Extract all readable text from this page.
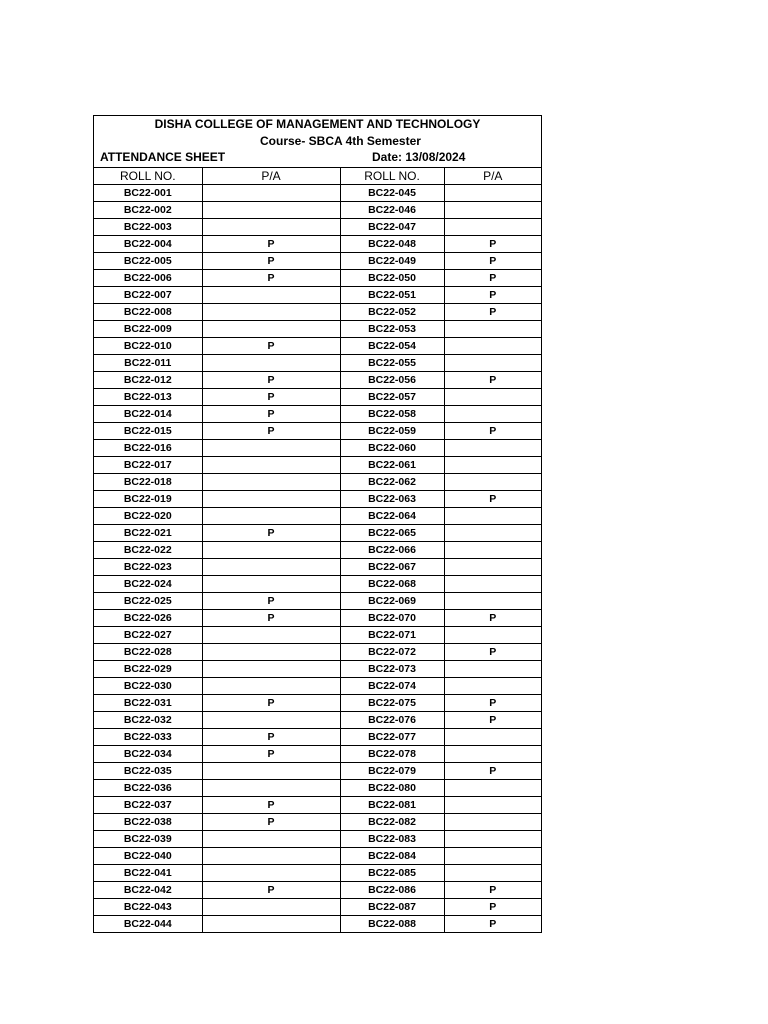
DISHA COLLEGE OF MANAGEMENT AND TECHNOLOGY
Course- SBCA 4th Semester
ATTENDANCE SHEET	Date: 13/08/2024
ROLL NO.	P/A	ROLL NO.	P/A
BC22-001		BC22-045	
BC22-002		BC22-046	
BC22-003		BC22-047	
BC22-004	P	BC22-048	P
BC22-005	P	BC22-049	P
BC22-006	P	BC22-050	P
BC22-007		BC22-051	P
BC22-008		BC22-052	P
BC22-009		BC22-053	
BC22-010	P	BC22-054	
BC22-011		BC22-055	
BC22-012	P	BC22-056	P
BC22-013	P	BC22-057	
BC22-014	P	BC22-058	
BC22-015	P	BC22-059	P
BC22-016		BC22-060	
BC22-017		BC22-061	
BC22-018		BC22-062	
BC22-019		BC22-063	P
BC22-020		BC22-064	
BC22-021	P	BC22-065	
BC22-022		BC22-066	
BC22-023		BC22-067	
BC22-024		BC22-068	
BC22-025	P	BC22-069	
BC22-026	P	BC22-070	P
BC22-027		BC22-071	
BC22-028		BC22-072	P
BC22-029		BC22-073	
BC22-030		BC22-074	
BC22-031	P	BC22-075	P
BC22-032		BC22-076	P
BC22-033	P	BC22-077	
BC22-034	P	BC22-078	
BC22-035		BC22-079	P
BC22-036		BC22-080	
BC22-037	P	BC22-081	
BC22-038	P	BC22-082	
BC22-039		BC22-083	
BC22-040		BC22-084	
BC22-041		BC22-085	
BC22-042	P	BC22-086	P
BC22-043		BC22-087	P
BC22-044		BC22-088	P
